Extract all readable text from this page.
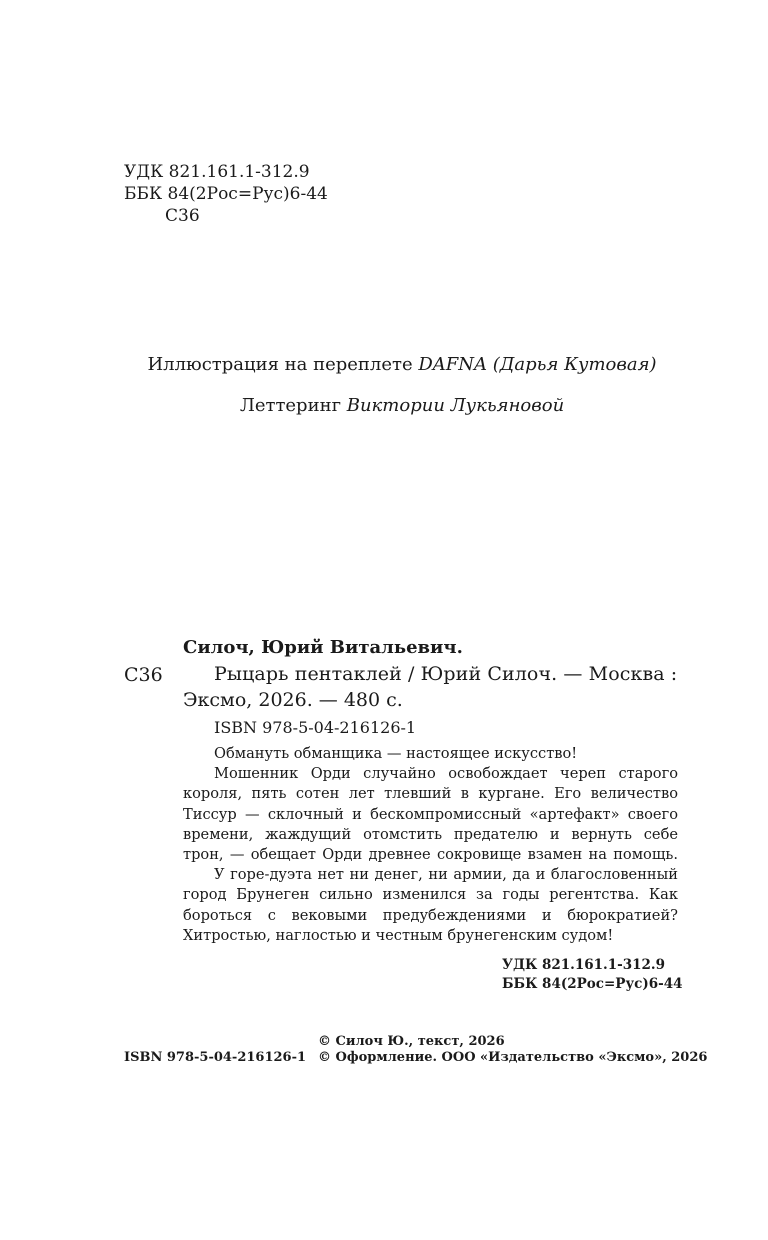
УДК 821.161.1-312.9
ББК 84(2Рос=Рус)6-44
С36
Иллюстрация на переплете DAFNA (Дарья Кутовая)
Леттеринг Виктории Лукьяновой
Силоч, Юрий Витальевич.
С36	Рыцарь пентаклей / Юрий Силоч. — Москва :
Эксмо, 2026. — 480 с.
ISBN 978-5-04-216126-1

Обмануть обманщика — настоящее искусство!

Мошенник Орди случайно освобождает череп старого короля, пять сотен лет тлевший в кургане. Его величество Тиссур — склочный и бескомпромиссный «артефакт» своего времени, жаждущий отомстить предателю и вернуть себе трон, — обещает Орди древнее сокровище взамен на помощь.

У горе-дуэта нет ни денег, ни армии, да и благословенный город Брунеген сильно изменился за годы регентства. Как бороться с вековыми предубеждениями и бюрократией? Хитростью, наглостью и честным брунегенским судом!

УДК 821.161.1-312.9
ББК 84(2Рос=Рус)6-44
© Силоч Ю., текст, 2026
ISBN 978-5-04-216126-1 © Оформление. ООО «Издательство «Эксмо», 2026
